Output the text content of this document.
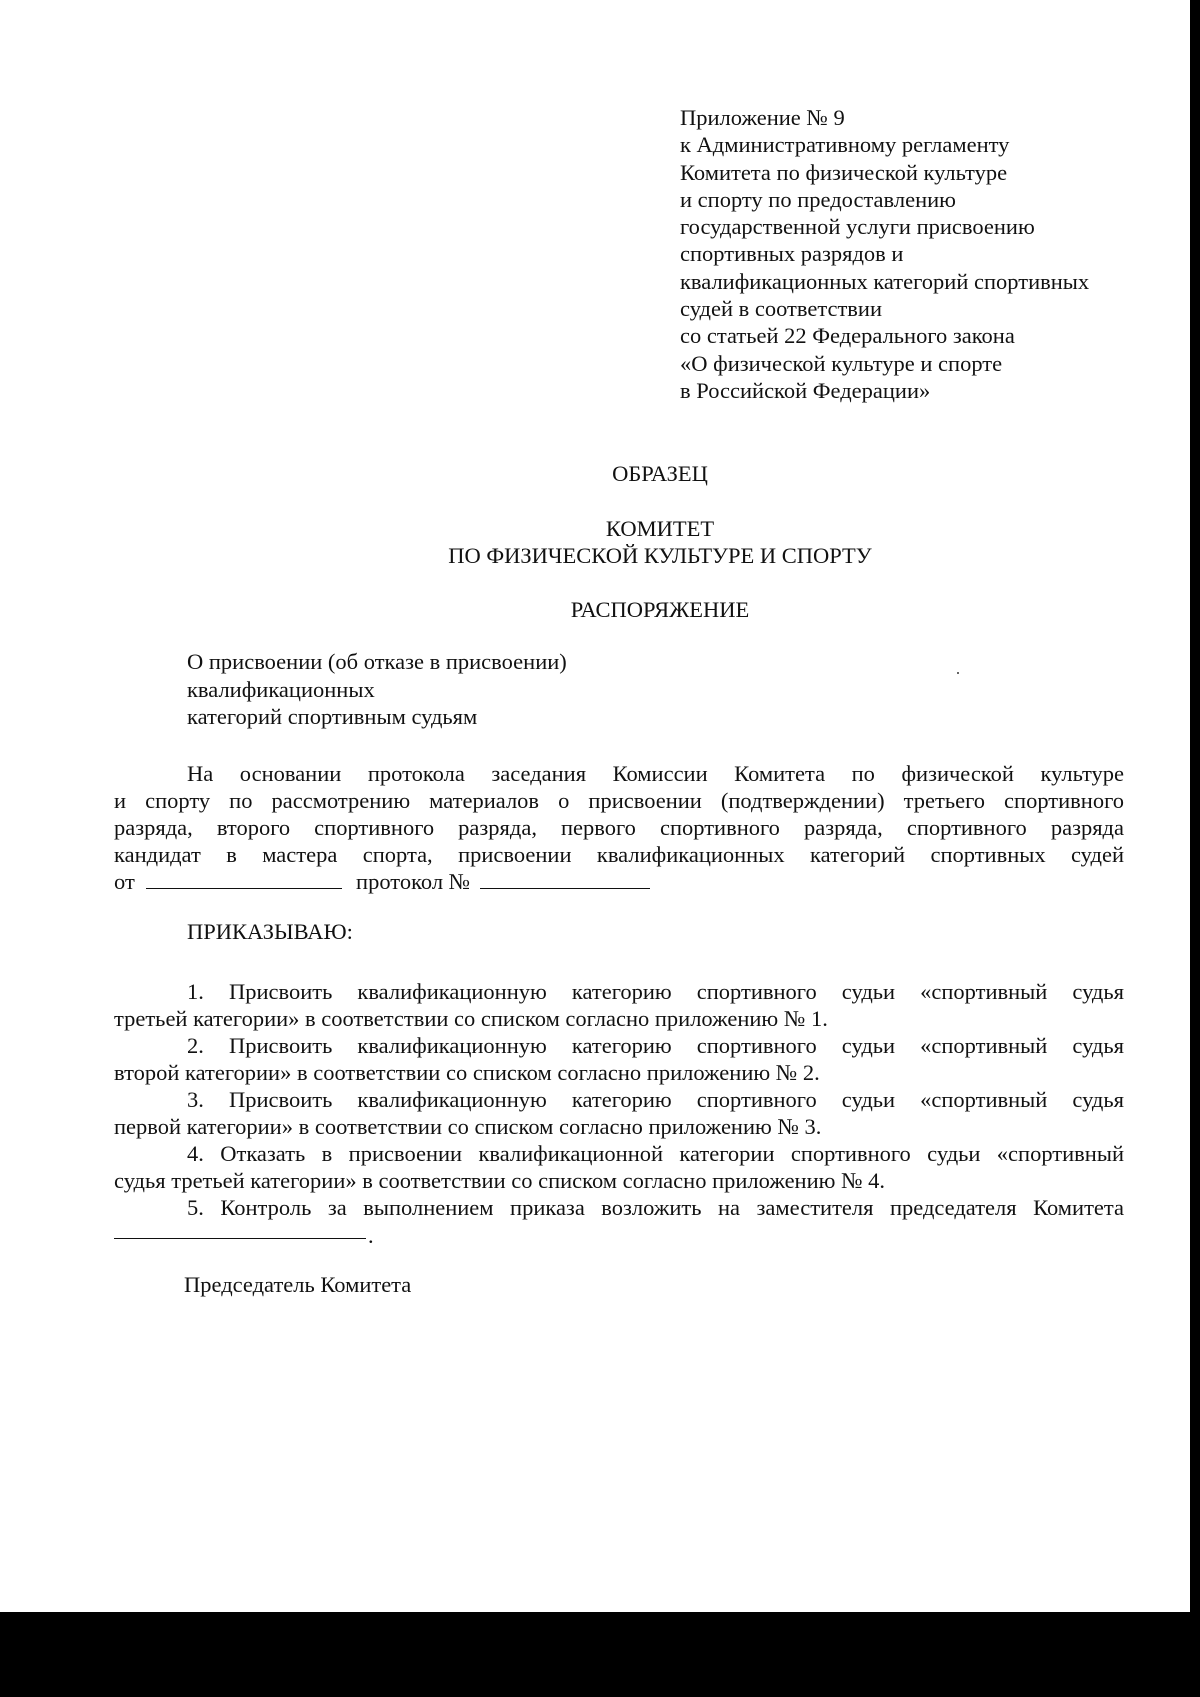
Приложение № 9
к Административному регламенту
Комитета по физической культуре
и спорту по предоставлению
государственной услуги присвоению
спортивных разрядов и
квалификационных категорий спортивных
судей в соответствии
со статьей 22 Федерального закона
«О физической культуре и спорте
в Российской Федерации»
ОБРАЗЕЦ
КОМИТЕТ
ПО ФИЗИЧЕСКОЙ КУЛЬТУРЕ И СПОРТУ
РАСПОРЯЖЕНИЕ
О присвоении (об отказе в присвоении)
квалификационных
категорий спортивным судьям
На основании протокола заседания Комиссии Комитета по физической культуре
и спорту по рассмотрению материалов о присвоении (подтверждении) третьего спортивного
разряда, второго спортивного разряда, первого спортивного разряда, спортивного разряда
кандидат в мастера спорта, присвоении квалификационных категорий спортивных судей
от	протокол №
ПРИКАЗЫВАЮ:
1. Присвоить квалификационную категорию спортивного судьи «спортивный судья
третьей категории» в соответствии со списком согласно приложению № 1.
2. Присвоить квалификационную категорию спортивного судьи «спортивный судья
второй категории» в соответствии со списком согласно приложению № 2.
3. Присвоить квалификационную категорию спортивного судьи «спортивный судья
первой категории» в соответствии со списком согласно приложению № 3.
4. Отказать в присвоении квалификационной категории спортивного судьи «спортивный
судья третьей категории» в соответствии со списком согласно приложению № 4.
5. Контроль за выполнением приказа возложить на заместителя председателя Комитета
.
Председатель Комитета
